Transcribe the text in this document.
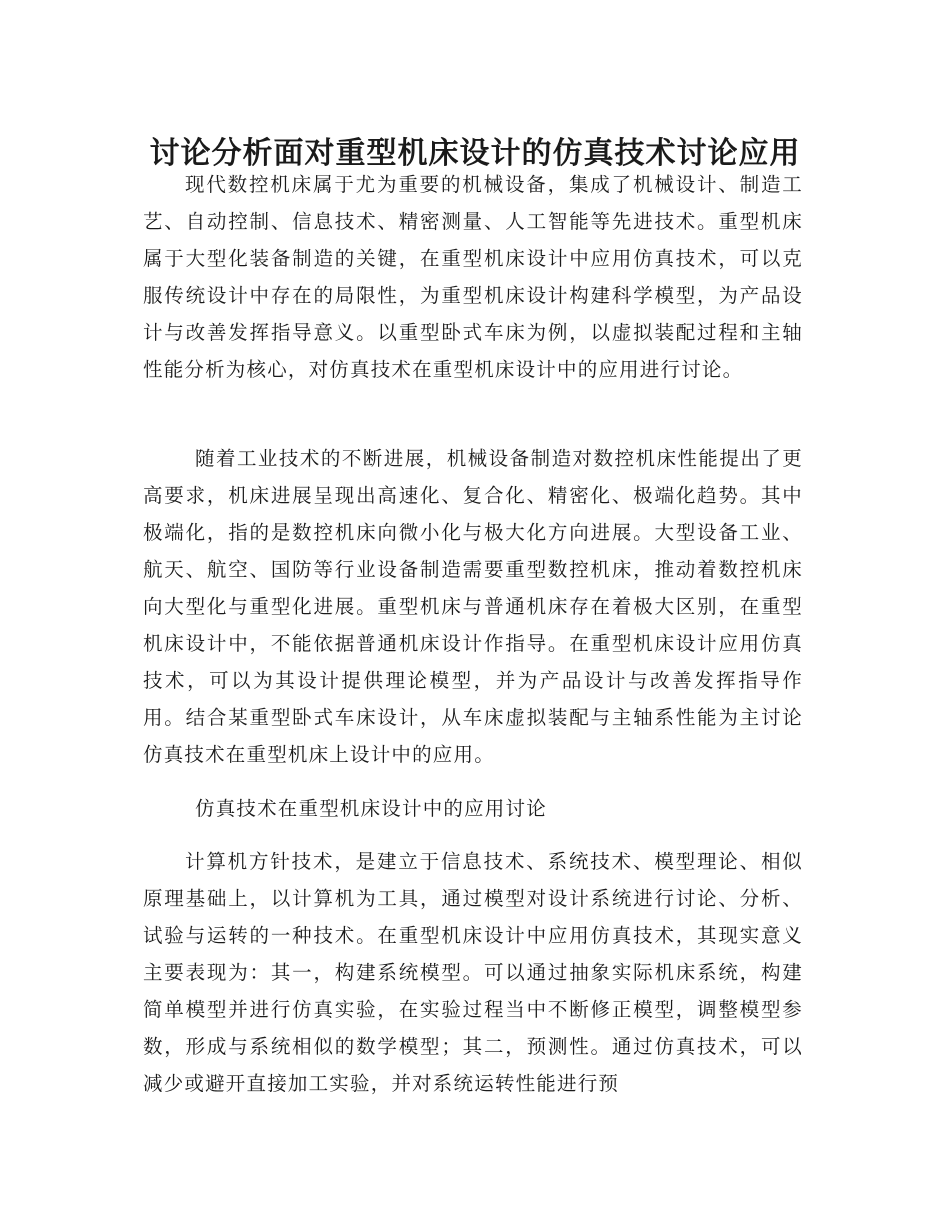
讨论分析面对重型机床设计的仿真技术讨论应用

现代数控机床属于尤为重要的机械设备，集成了机械设计、制造工艺、自动控制、信息技术、精密测量、人工智能等先进技术。重型机床属于大型化装备制造的关键，在重型机床设计中应用仿真技术，可以克服传统设计中存在的局限性，为重型机床设计构建科学模型，为产品设计与改善发挥指导意义。以重型卧式车床为例，以虚拟装配过程和主轴性能分析为核心，对仿真技术在重型机床设计中的应用进行讨论。

随着工业技术的不断进展，机械设备制造对数控机床性能提出了更高要求，机床进展呈现出高速化、复合化、精密化、极端化趋势。其中极端化，指的是数控机床向微小化与极大化方向进展。大型设备工业、航天、航空、国防等行业设备制造需要重型数控机床，推动着数控机床向大型化与重型化进展。重型机床与普通机床存在着极大区别，在重型机床设计中，不能依据普通机床设计作指导。在重型机床设计应用仿真技术，可以为其设计提供理论模型，并为产品设计与改善发挥指导作用。结合某重型卧式车床设计，从车床虚拟装配与主轴系性能为主讨论仿真技术在重型机床上设计中的应用。

仿真技术在重型机床设计中的应用讨论

计算机方针技术，是建立于信息技术、系统技术、模型理论、相似原理基础上，以计算机为工具，通过模型对设计系统进行讨论、分析、试验与运转的一种技术。在重型机床设计中应用仿真技术，其现实意义主要表现为：其一，构建系统模型。可以通过抽象实际机床系统，构建简单模型并进行仿真实验，在实验过程当中不断修正模型，调整模型参数，形成与系统相似的数学模型；其二，预测性。通过仿真技术，可以减少或避开直接加工实验，并对系统运转性能进行预
